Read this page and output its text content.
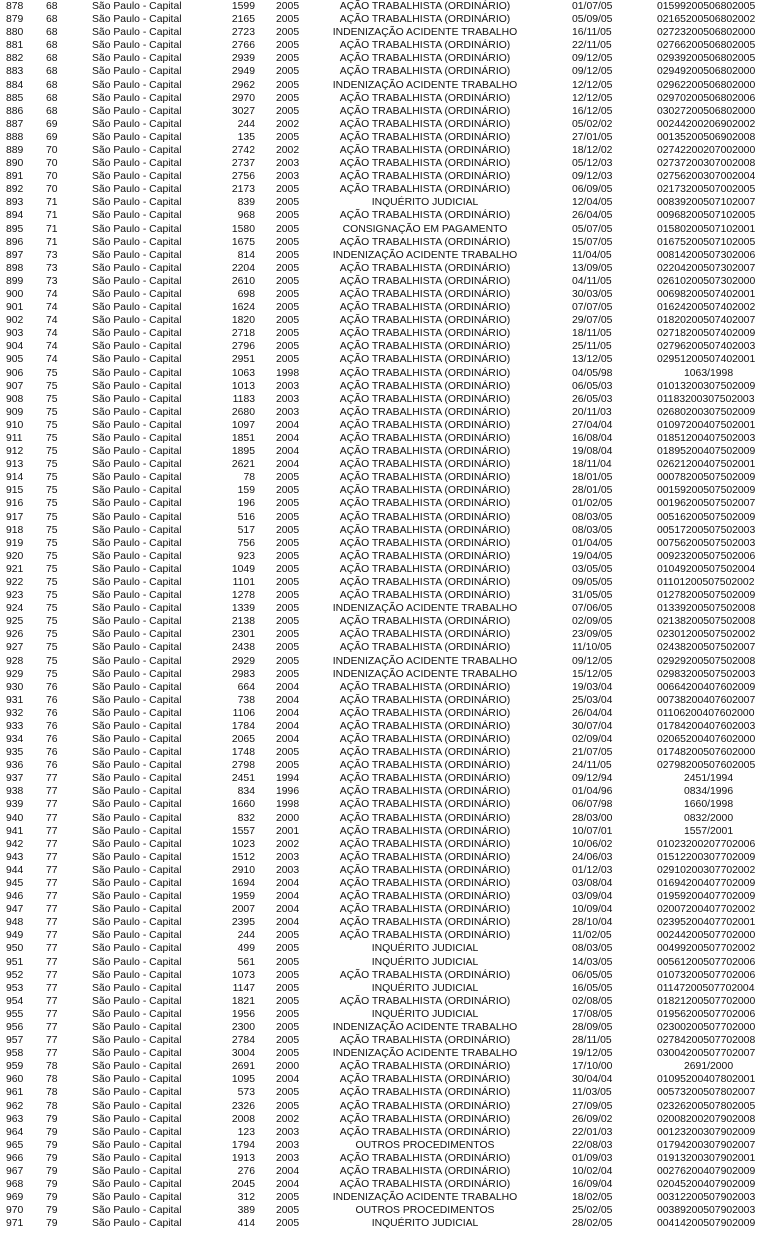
878 68	São Paulo - Capital	1599 2005	AÇÃO TRABALHISTA (ORDINÁRIO)	01/07/05	01599200506802005
879 68	São Paulo - Capital	2165 2005	AÇÃO TRABALHISTA (ORDINÁRIO)	05/09/05	02165200506802002
880 68	São Paulo - Capital	2723 2005	INDENIZAÇÃO ACIDENTE TRABALHO	16/11/05	02723200506802000
881 68	São Paulo - Capital	2766 2005	AÇÃO TRABALHISTA (ORDINÁRIO)	22/11/05	02766200506802005
882 68	São Paulo - Capital	2939 2005	AÇÃO TRABALHISTA (ORDINÁRIO)	09/12/05	02939200506802005
883 68	São Paulo - Capital	2949 2005	AÇÃO TRABALHISTA (ORDINÁRIO)	09/12/05	02949200506802000
884 68	São Paulo - Capital	2962 2005	INDENIZAÇÃO ACIDENTE TRABALHO	12/12/05	02962200506802000
885 68	São Paulo - Capital	2970 2005	AÇÃO TRABALHISTA (ORDINÁRIO)	12/12/05	02970200506802006
886 68	São Paulo - Capital	3027 2005	AÇÃO TRABALHISTA (ORDINÁRIO)	16/12/05	03027200506802000
887 69	São Paulo - Capital	244 2002	AÇÃO TRABALHISTA (ORDINÁRIO)	05/02/02	00244200206902002
888 69	São Paulo - Capital	135 2005	AÇÃO TRABALHISTA (ORDINÁRIO)	27/01/05	00135200506902008
889 70	São Paulo - Capital	2742 2002	AÇÃO TRABALHISTA (ORDINÁRIO)	18/12/02	02742200207002000
890 70	São Paulo - Capital	2737 2003	AÇÃO TRABALHISTA (ORDINÁRIO)	05/12/03	02737200307002008
891 70	São Paulo - Capital	2756 2003	AÇÃO TRABALHISTA (ORDINÁRIO)	09/12/03	02756200307002004
892 70	São Paulo - Capital	2173 2005	AÇÃO TRABALHISTA (ORDINÁRIO)	06/09/05	02173200507002005
893 71	São Paulo - Capital	839 2005	INQUÉRITO JUDICIAL	12/04/05	00839200507102007
894 71	São Paulo - Capital	968 2005	AÇÃO TRABALHISTA (ORDINÁRIO)	26/04/05	00968200507102005
895 71	São Paulo - Capital	1580 2005	CONSIGNAÇÃO EM PAGAMENTO	05/07/05	01580200507102001
896 71	São Paulo - Capital	1675 2005	AÇÃO TRABALHISTA (ORDINÁRIO)	15/07/05	01675200507102005
897 73	São Paulo - Capital	814 2005	INDENIZAÇÃO ACIDENTE TRABALHO	11/04/05	00814200507302006
898 73	São Paulo - Capital	2204 2005	AÇÃO TRABALHISTA (ORDINÁRIO)	13/09/05	02204200507302007
899 73	São Paulo - Capital	2610 2005	AÇÃO TRABALHISTA (ORDINÁRIO)	04/11/05	02610200507302000
900 74	São Paulo - Capital	698 2005	AÇÃO TRABALHISTA (ORDINÁRIO)	30/03/05	00698200507402001
901 74	São Paulo - Capital	1624 2005	AÇÃO TRABALHISTA (ORDINÁRIO)	07/07/05	01624200507402002
902 74	São Paulo - Capital	1820 2005	AÇÃO TRABALHISTA (ORDINÁRIO)	29/07/05	01820200507402007
903 74	São Paulo - Capital	2718 2005	AÇÃO TRABALHISTA (ORDINÁRIO)	18/11/05	02718200507402009
904 74	São Paulo - Capital	2796 2005	AÇÃO TRABALHISTA (ORDINÁRIO)	25/11/05	02796200507402003
905 74	São Paulo - Capital	2951 2005	AÇÃO TRABALHISTA (ORDINÁRIO)	13/12/05	02951200507402001
906 75	São Paulo - Capital	1063 1998	AÇÃO TRABALHISTA (ORDINÁRIO)	04/05/98	1063/1998
907 75	São Paulo - Capital	1013 2003	AÇÃO TRABALHISTA (ORDINÁRIO)	06/05/03	01013200307502009
908 75	São Paulo - Capital	1183 2003	AÇÃO TRABALHISTA (ORDINÁRIO)	26/05/03	01183200307502003
909 75	São Paulo - Capital	2680 2003	AÇÃO TRABALHISTA (ORDINÁRIO)	20/11/03	02680200307502009
910 75	São Paulo - Capital	1097 2004	AÇÃO TRABALHISTA (ORDINÁRIO)	27/04/04	01097200407502001
911 75	São Paulo - Capital	1851 2004	AÇÃO TRABALHISTA (ORDINÁRIO)	16/08/04	01851200407502003
912 75	São Paulo - Capital	1895 2004	AÇÃO TRABALHISTA (ORDINÁRIO)	19/08/04	01895200407502009
913 75	São Paulo - Capital	2621 2004	AÇÃO TRABALHISTA (ORDINÁRIO)	18/11/04	02621200407502001
914 75	São Paulo - Capital	78 2005	AÇÃO TRABALHISTA (ORDINÁRIO)	18/01/05	00078200507502009
915 75	São Paulo - Capital	159 2005	AÇÃO TRABALHISTA (ORDINÁRIO)	28/01/05	00159200507502009
916 75	São Paulo - Capital	196 2005	AÇÃO TRABALHISTA (ORDINÁRIO)	01/02/05	00196200507502007
917 75	São Paulo - Capital	516 2005	AÇÃO TRABALHISTA (ORDINÁRIO)	08/03/05	00516200507502009
918 75	São Paulo - Capital	517 2005	AÇÃO TRABALHISTA (ORDINÁRIO)	08/03/05	00517200507502003
919 75	São Paulo - Capital	756 2005	AÇÃO TRABALHISTA (ORDINÁRIO)	01/04/05	00756200507502003
920 75	São Paulo - Capital	923 2005	AÇÃO TRABALHISTA (ORDINÁRIO)	19/04/05	00923200507502006
921 75	São Paulo - Capital	1049 2005	AÇÃO TRABALHISTA (ORDINÁRIO)	03/05/05	01049200507502004
922 75	São Paulo - Capital	1101 2005	AÇÃO TRABALHISTA (ORDINÁRIO)	09/05/05	01101200507502002
923 75	São Paulo - Capital	1278 2005	AÇÃO TRABALHISTA (ORDINÁRIO)	31/05/05	01278200507502009
924 75	São Paulo - Capital	1339 2005	INDENIZAÇÃO ACIDENTE TRABALHO	07/06/05	01339200507502008
925 75	São Paulo - Capital	2138 2005	AÇÃO TRABALHISTA (ORDINÁRIO)	02/09/05	02138200507502008
926 75	São Paulo - Capital	2301 2005	AÇÃO TRABALHISTA (ORDINÁRIO)	23/09/05	02301200507502002
927 75	São Paulo - Capital	2438 2005	AÇÃO TRABALHISTA (ORDINÁRIO)	11/10/05	02438200507502007
928 75	São Paulo - Capital	2929 2005	INDENIZAÇÃO ACIDENTE TRABALHO	09/12/05	02929200507502008
929 75	São Paulo - Capital	2983 2005	INDENIZAÇÃO ACIDENTE TRABALHO	15/12/05	02983200507502003
930 76	São Paulo - Capital	664 2004	AÇÃO TRABALHISTA (ORDINÁRIO)	19/03/04	00664200407602009
931 76	São Paulo - Capital	738 2004	AÇÃO TRABALHISTA (ORDINÁRIO)	25/03/04	00738200407602007
932 76	São Paulo - Capital	1106 2004	AÇÃO TRABALHISTA (ORDINÁRIO)	26/04/04	01106200407602000
933 76	São Paulo - Capital	1784 2004	AÇÃO TRABALHISTA (ORDINÁRIO)	30/07/04	01784200407602003
934 76	São Paulo - Capital	2065 2004	AÇÃO TRABALHISTA (ORDINÁRIO)	02/09/04	02065200407602000
935 76	São Paulo - Capital	1748 2005	AÇÃO TRABALHISTA (ORDINÁRIO)	21/07/05	01748200507602000
936 76	São Paulo - Capital	2798 2005	AÇÃO TRABALHISTA (ORDINÁRIO)	24/11/05	02798200507602005
937 77	São Paulo - Capital	2451 1994	AÇÃO TRABALHISTA (ORDINÁRIO)	09/12/94	2451/1994
938 77	São Paulo - Capital	834 1996	AÇÃO TRABALHISTA (ORDINÁRIO)	01/04/96	0834/1996
939 77	São Paulo - Capital	1660 1998	AÇÃO TRABALHISTA (ORDINÁRIO)	06/07/98	1660/1998
940 77	São Paulo - Capital	832 2000	AÇÃO TRABALHISTA (ORDINÁRIO)	28/03/00	0832/2000
941 77	São Paulo - Capital	1557 2001	AÇÃO TRABALHISTA (ORDINÁRIO)	10/07/01	1557/2001
942 77	São Paulo - Capital	1023 2002	AÇÃO TRABALHISTA (ORDINÁRIO)	10/06/02	01023200207702006
943 77	São Paulo - Capital	1512 2003	AÇÃO TRABALHISTA (ORDINÁRIO)	24/06/03	01512200307702009
944 77	São Paulo - Capital	2910 2003	AÇÃO TRABALHISTA (ORDINÁRIO)	01/12/03	02910200307702002
945 77	São Paulo - Capital	1694 2004	AÇÃO TRABALHISTA (ORDINÁRIO)	03/08/04	01694200407702009
946 77	São Paulo - Capital	1959 2004	AÇÃO TRABALHISTA (ORDINÁRIO)	03/09/04	01959200407702009
947 77	São Paulo - Capital	2007 2004	AÇÃO TRABALHISTA (ORDINÁRIO)	10/09/04	02007200407702002
948 77	São Paulo - Capital	2395 2004	AÇÃO TRABALHISTA (ORDINÁRIO)	28/10/04	02395200407702001
949 77	São Paulo - Capital	244 2005	AÇÃO TRABALHISTA (ORDINÁRIO)	11/02/05	00244200507702000
950 77	São Paulo - Capital	499 2005	INQUÉRITO JUDICIAL	08/03/05	00499200507702002
951 77	São Paulo - Capital	561 2005	INQUÉRITO JUDICIAL	14/03/05	00561200507702006
952 77	São Paulo - Capital	1073 2005	AÇÃO TRABALHISTA (ORDINÁRIO)	06/05/05	01073200507702006
953 77	São Paulo - Capital	1147 2005	INQUÉRITO JUDICIAL	16/05/05	01147200507702004
954 77	São Paulo - Capital	1821 2005	AÇÃO TRABALHISTA (ORDINÁRIO)	02/08/05	01821200507702000
955 77	São Paulo - Capital	1956 2005	INQUÉRITO JUDICIAL	17/08/05	01956200507702006
956 77	São Paulo - Capital	2300 2005	INDENIZAÇÃO ACIDENTE TRABALHO	28/09/05	02300200507702000
957 77	São Paulo - Capital	2784 2005	AÇÃO TRABALHISTA (ORDINÁRIO)	28/11/05	02784200507702008
958 77	São Paulo - Capital	3004 2005	INDENIZAÇÃO ACIDENTE TRABALHO	19/12/05	03004200507702007
959 78	São Paulo - Capital	2691 2000	AÇÃO TRABALHISTA (ORDINÁRIO)	17/10/00	2691/2000
960 78	São Paulo - Capital	1095 2004	AÇÃO TRABALHISTA (ORDINÁRIO)	30/04/04	01095200407802001
961 78	São Paulo - Capital	573 2005	AÇÃO TRABALHISTA (ORDINÁRIO)	11/03/05	00573200507802007
962 78	São Paulo - Capital	2326 2005	AÇÃO TRABALHISTA (ORDINÁRIO)	27/09/05	02326200507802005
963 79	São Paulo - Capital	2008 2002	AÇÃO TRABALHISTA (ORDINÁRIO)	26/09/02	02008200207902008
964 79	São Paulo - Capital	123 2003	AÇÃO TRABALHISTA (ORDINÁRIO)	22/01/03	00123200307902009
965 79	São Paulo - Capital	1794 2003	OUTROS PROCEDIMENTOS	22/08/03	01794200307902007
966 79	São Paulo - Capital	1913 2003	AÇÃO TRABALHISTA (ORDINÁRIO)	01/09/03	01913200307902001
967 79	São Paulo - Capital	276 2004	AÇÃO TRABALHISTA (ORDINÁRIO)	10/02/04	00276200407902009
968 79	São Paulo - Capital	2045 2004	AÇÃO TRABALHISTA (ORDINÁRIO)	16/09/04	02045200407902009
969 79	São Paulo - Capital	312 2005	INDENIZAÇÃO ACIDENTE TRABALHO	18/02/05	00312200507902003
970 79	São Paulo - Capital	389 2005	OUTROS PROCEDIMENTOS	25/02/05	00389200507902003
971 79	São Paulo - Capital	414 2005	INQUÉRITO JUDICIAL	28/02/05	00414200507902009
